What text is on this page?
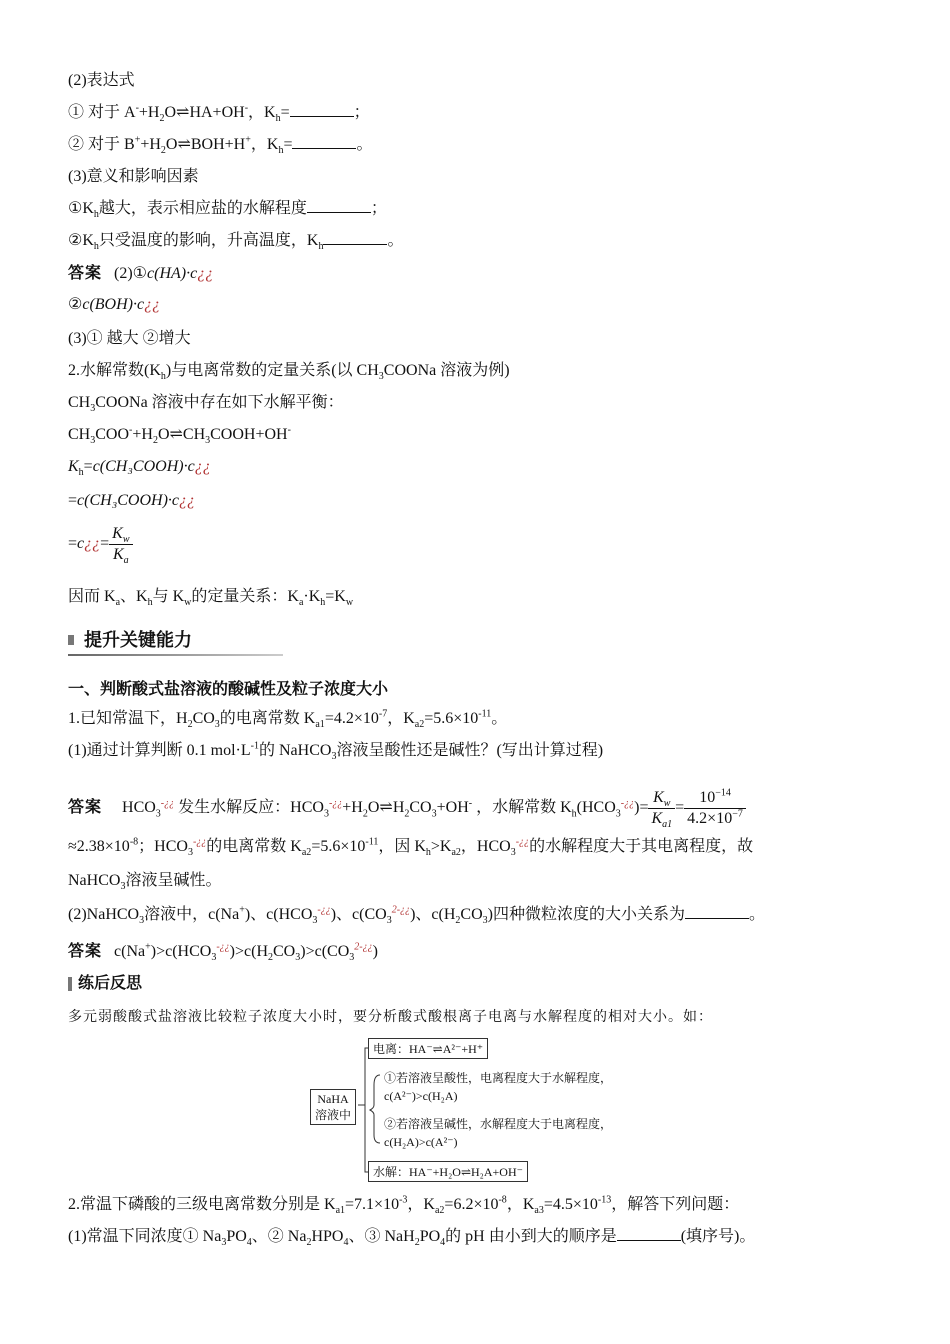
(2)表达式
① 对于 $A^-+H_2O\rightleftharpoons HA+OH^-$，$K_h=$	；
② 对于 $B^++H_2O\rightleftharpoons BOH+H^+$，$K_h=$	。
(3)意义和影响因素
$①K_h$越大，表示相应盐的水解程度	；
$②K_h$只受温度的影响，升高温度，$K_h$	。
答案 (2)①c(HA)·c¿¿
②c(BOH)·c¿¿
(3)① 越大 ②增大
2.水解常数$(K_h)$与电离常数的定量关系(以 $CH_3COONa$ 溶液为例)
$CH_3COONa$ 溶液中存在如下水解平衡：
$CH_3COO^-+H_2O\rightleftharpoons CH_3COOH+OH^-$
$K_h=c(CH_3COOH)\cdot c¿¿$
=c(CH₃COOH)·c¿¿
=c¿¿= $\frac{K_w}{K_a}$
因而 $K_a$、$K_h$与 $K_w$的定量关系：$K_a\cdot K_h=K_w$
提升关键能力
一、判断酸式盐溶液的酸碱性及粒子浓度大小
1.已知常温下，$H_2CO_3$的电离常数 $K_{a1}=4.2\times 10^{-7}$，$K_{a2}=5.6\times 10^{-11}$。
(1)通过计算判断 0.1 $mol\cdot L^{-1}$的 NaHCO$_3$溶液呈酸性还是碱性？(写出计算过程)
答案 $HCO_3^{-¿¿}$ 发生水解反应：$HCO_3^{-¿¿}+H_2O\rightleftharpoons H_2CO_3+OH^-$ ，水解常数 $K_h(HCO_3^{-¿¿})= \frac{K_w}{K_{a1}} = \frac{10^{-14}}{4.2\times 10^{-7}}$
$\approx 2.38\times 10^{-8}$；$HCO_3^{-¿¿}$的电离常数 $K_{a2}=5.6\times 10^{-11}$，因 $K_h>K_{a2}$，$HCO_3^{-¿¿}$的水解程度大于其电离程度，故
NaHCO$_3$溶液呈碱性。
(2)NaHCO$_3$溶液中，c(Na+)、$c(HCO_3^{-¿¿})$、$c(CO_3^{2-¿¿})$、$c(H_2CO_3)$四种微粒浓度的大小关系为	。
答案 $c(Na^+)>c(HCO_3^{-¿¿})>c(H_2CO_3)>c(CO_3^{2-¿¿})$
练后反思
多元弱酸酸式盐溶液比较粒子浓度大小时，要分析酸式酸根离子电离与水解程度的相对大小。如：
NaHA
溶液中
电离：HA⁻⇌A²⁻+H⁺
①若溶液呈酸性，电离程度大于水解程度，
c(A²⁻)>c(H₂A)
②若溶液呈碱性，水解程度大于电离程度，
c(H₂A)>c(A²⁻)
水解：HA⁻+H₂O⇌H₂A+OH⁻
2.常温下磷酸的三级电离常数分别是 $K_{a1}=7.1\times 10^{-3}$，$K_{a2}=6.2\times 10^{-8}$，$K_{a3}=4.5\times 10^{-13}$，解答下列问题：
(1)常温下同浓度① $Na_3PO_4$、② $Na_2HPO_4$、③ $NaH_2PO_4$的 pH 由小到大的顺序是	(填序号)。
